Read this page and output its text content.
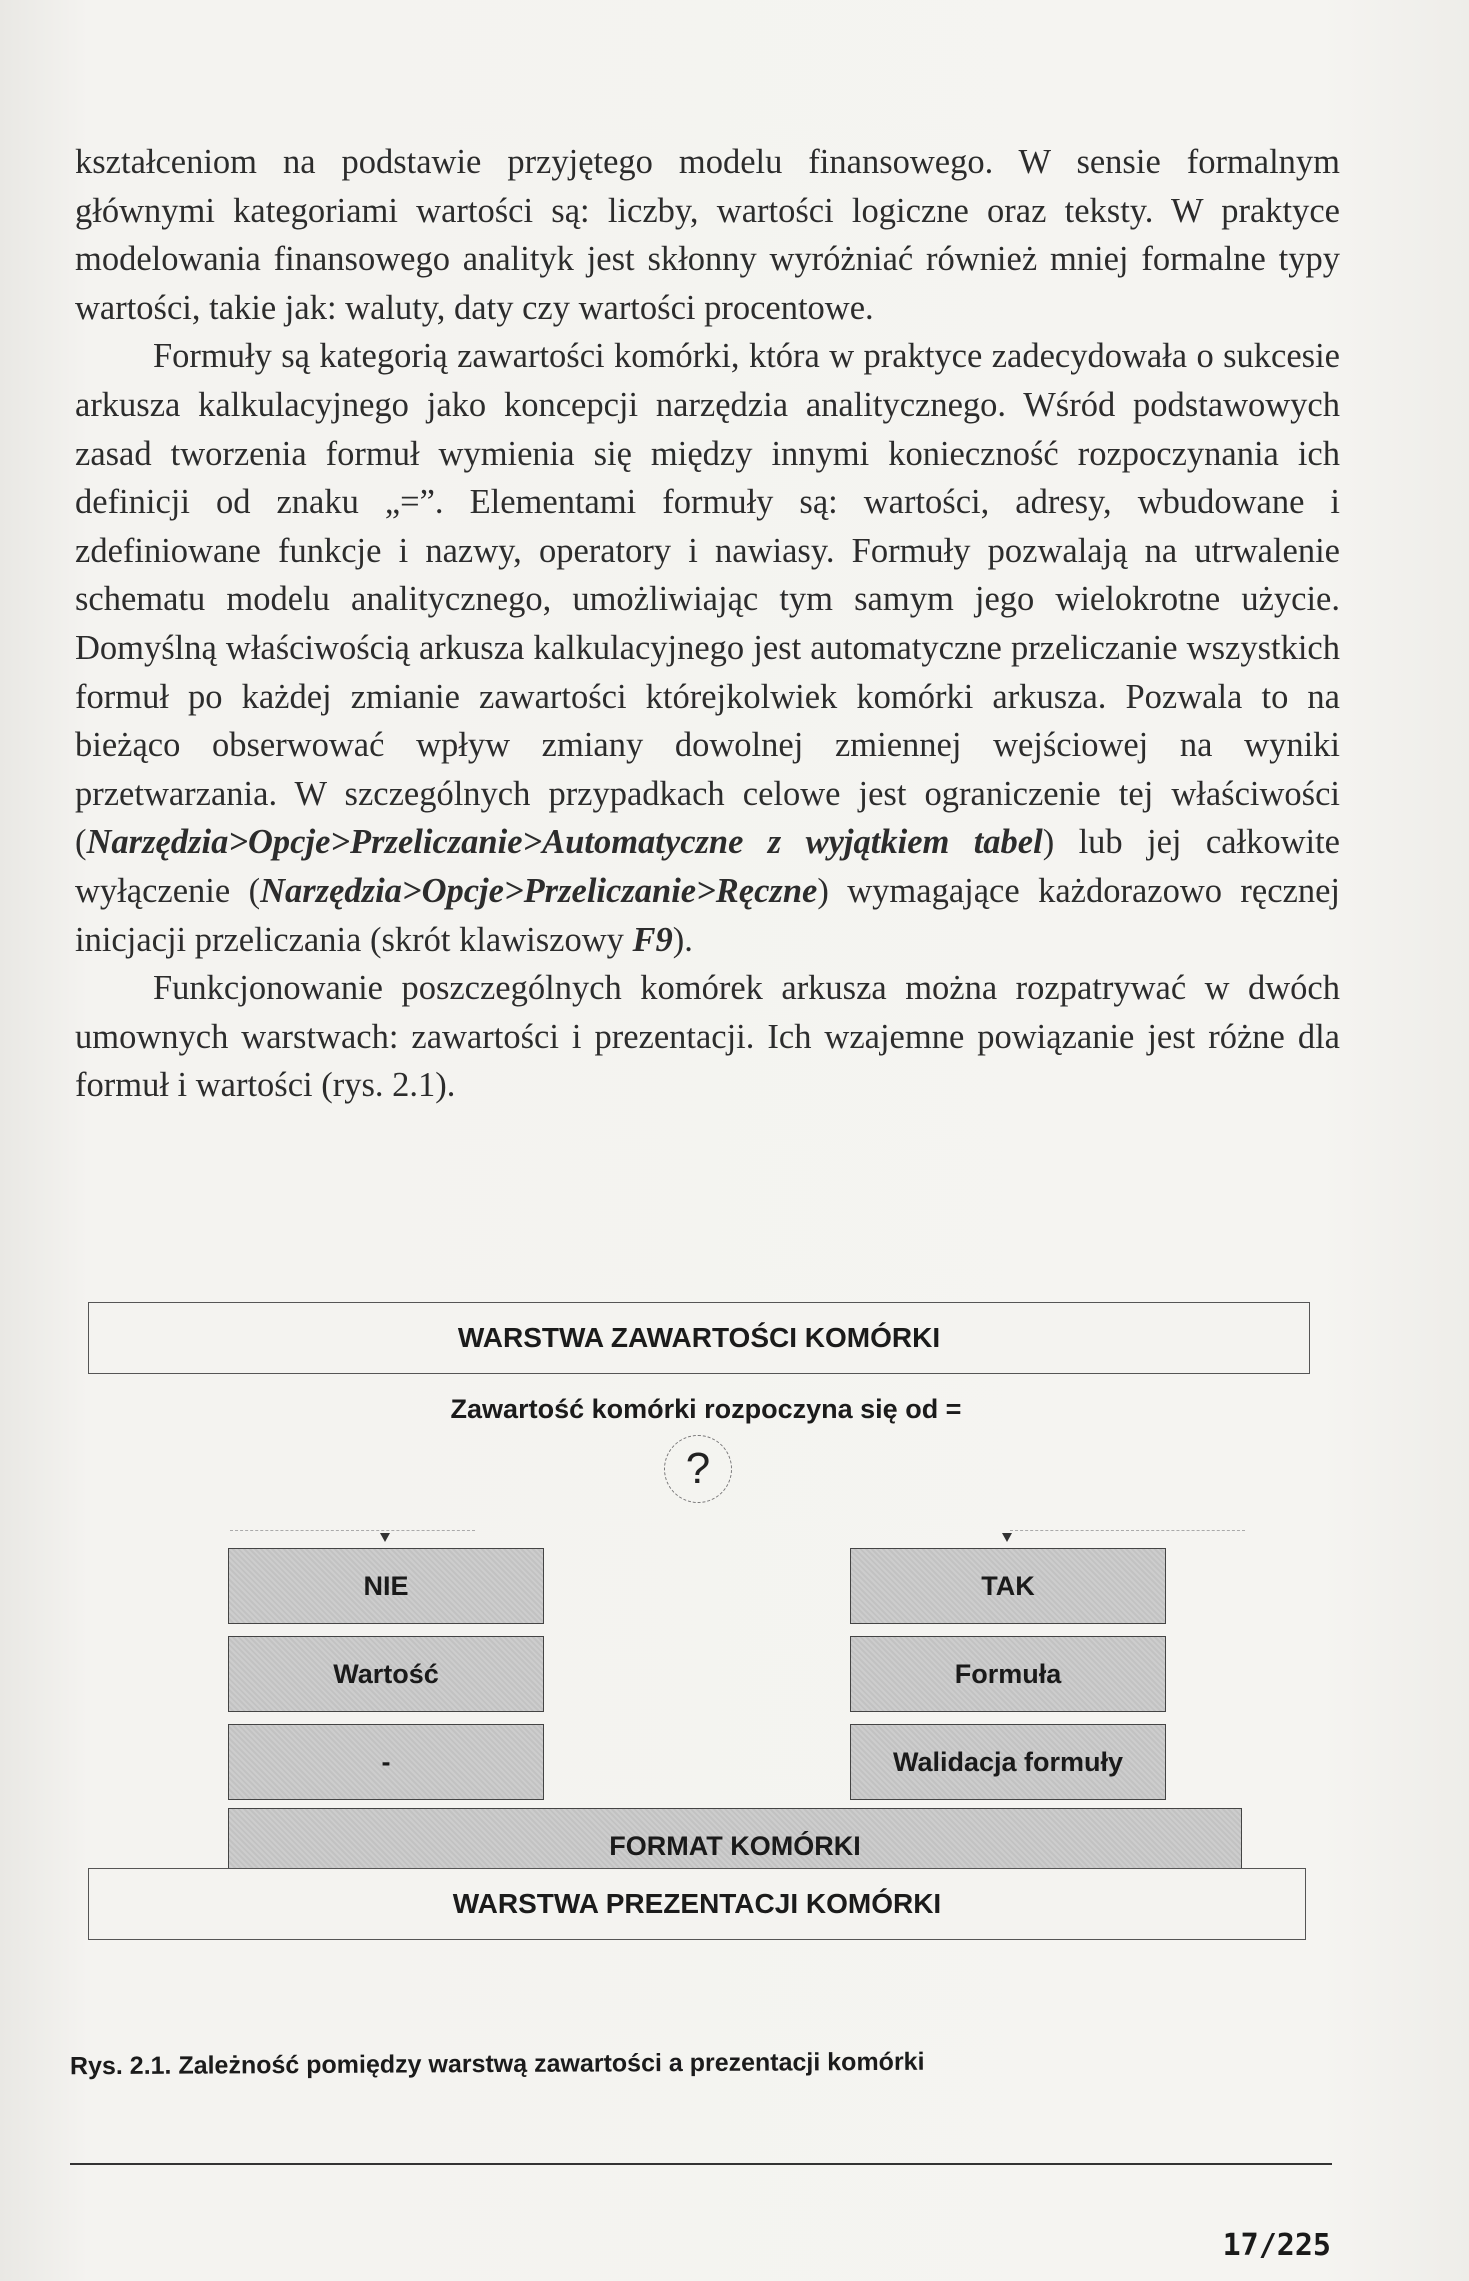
kształceniom na podstawie przyjętego modelu finansowego. W sensie formalnym głównymi kategoriami wartości są: liczby, wartości logiczne oraz teksty. W praktyce modelowania finansowego analityk jest skłonny wyróżniać również mniej formalne typy wartości, takie jak: waluty, daty czy wartości procentowe.

Formuły są kategorią zawartości komórki, która w praktyce zadecydowała o sukcesie arkusza kalkulacyjnego jako koncepcji narzędzia analitycznego. Wśród podstawowych zasad tworzenia formuł wymienia się między innymi konieczność rozpoczynania ich definicji od znaku „=”. Elementami formuły są: wartości, adresy, wbudowane i zdefiniowane funkcje i nazwy, operatory i nawiasy. Formuły pozwalają na utrwalenie schematu modelu analitycznego, umożliwiając tym samym jego wielokrotne użycie. Domyślną właściwością arkusza kalkulacyjnego jest automatyczne przeliczanie wszystkich formuł po każdej zmianie zawartości którejkolwiek komórki arkusza. Pozwala to na bieżąco obserwować wpływ zmiany dowolnej zmiennej wejściowej na wyniki przetwarzania. W szczególnych przypadkach celowe jest ograniczenie tej właściwości (Narzędzia>Opcje>Przeliczanie>Automatyczne z wyjątkiem tabel) lub jej całkowite wyłączenie (Narzędzia>Opcje>Przeliczanie>Ręczne) wymagające każdorazowo ręcznej inicjacji przeliczania (skrót klawiszowy F9).

Funkcjonowanie poszczególnych komórek arkusza można rozpatrywać w dwóch umownych warstwach: zawartości i prezentacji. Ich wzajemne powiązanie jest różne dla formuł i wartości (rys. 2.1).

WARSTWA ZAWARTOŚCI KOMÓRKI
Zawartość komórki rozpoczyna się od =
?
NIE
Wartość
-
TAK
Formuła
Walidacja formuły
FORMAT KOMÓRKI
WARSTWA PREZENTACJI KOMÓRKI
Rys. 2.1. Zależność pomiędzy warstwą zawartości a prezentacji komórki
17/225
